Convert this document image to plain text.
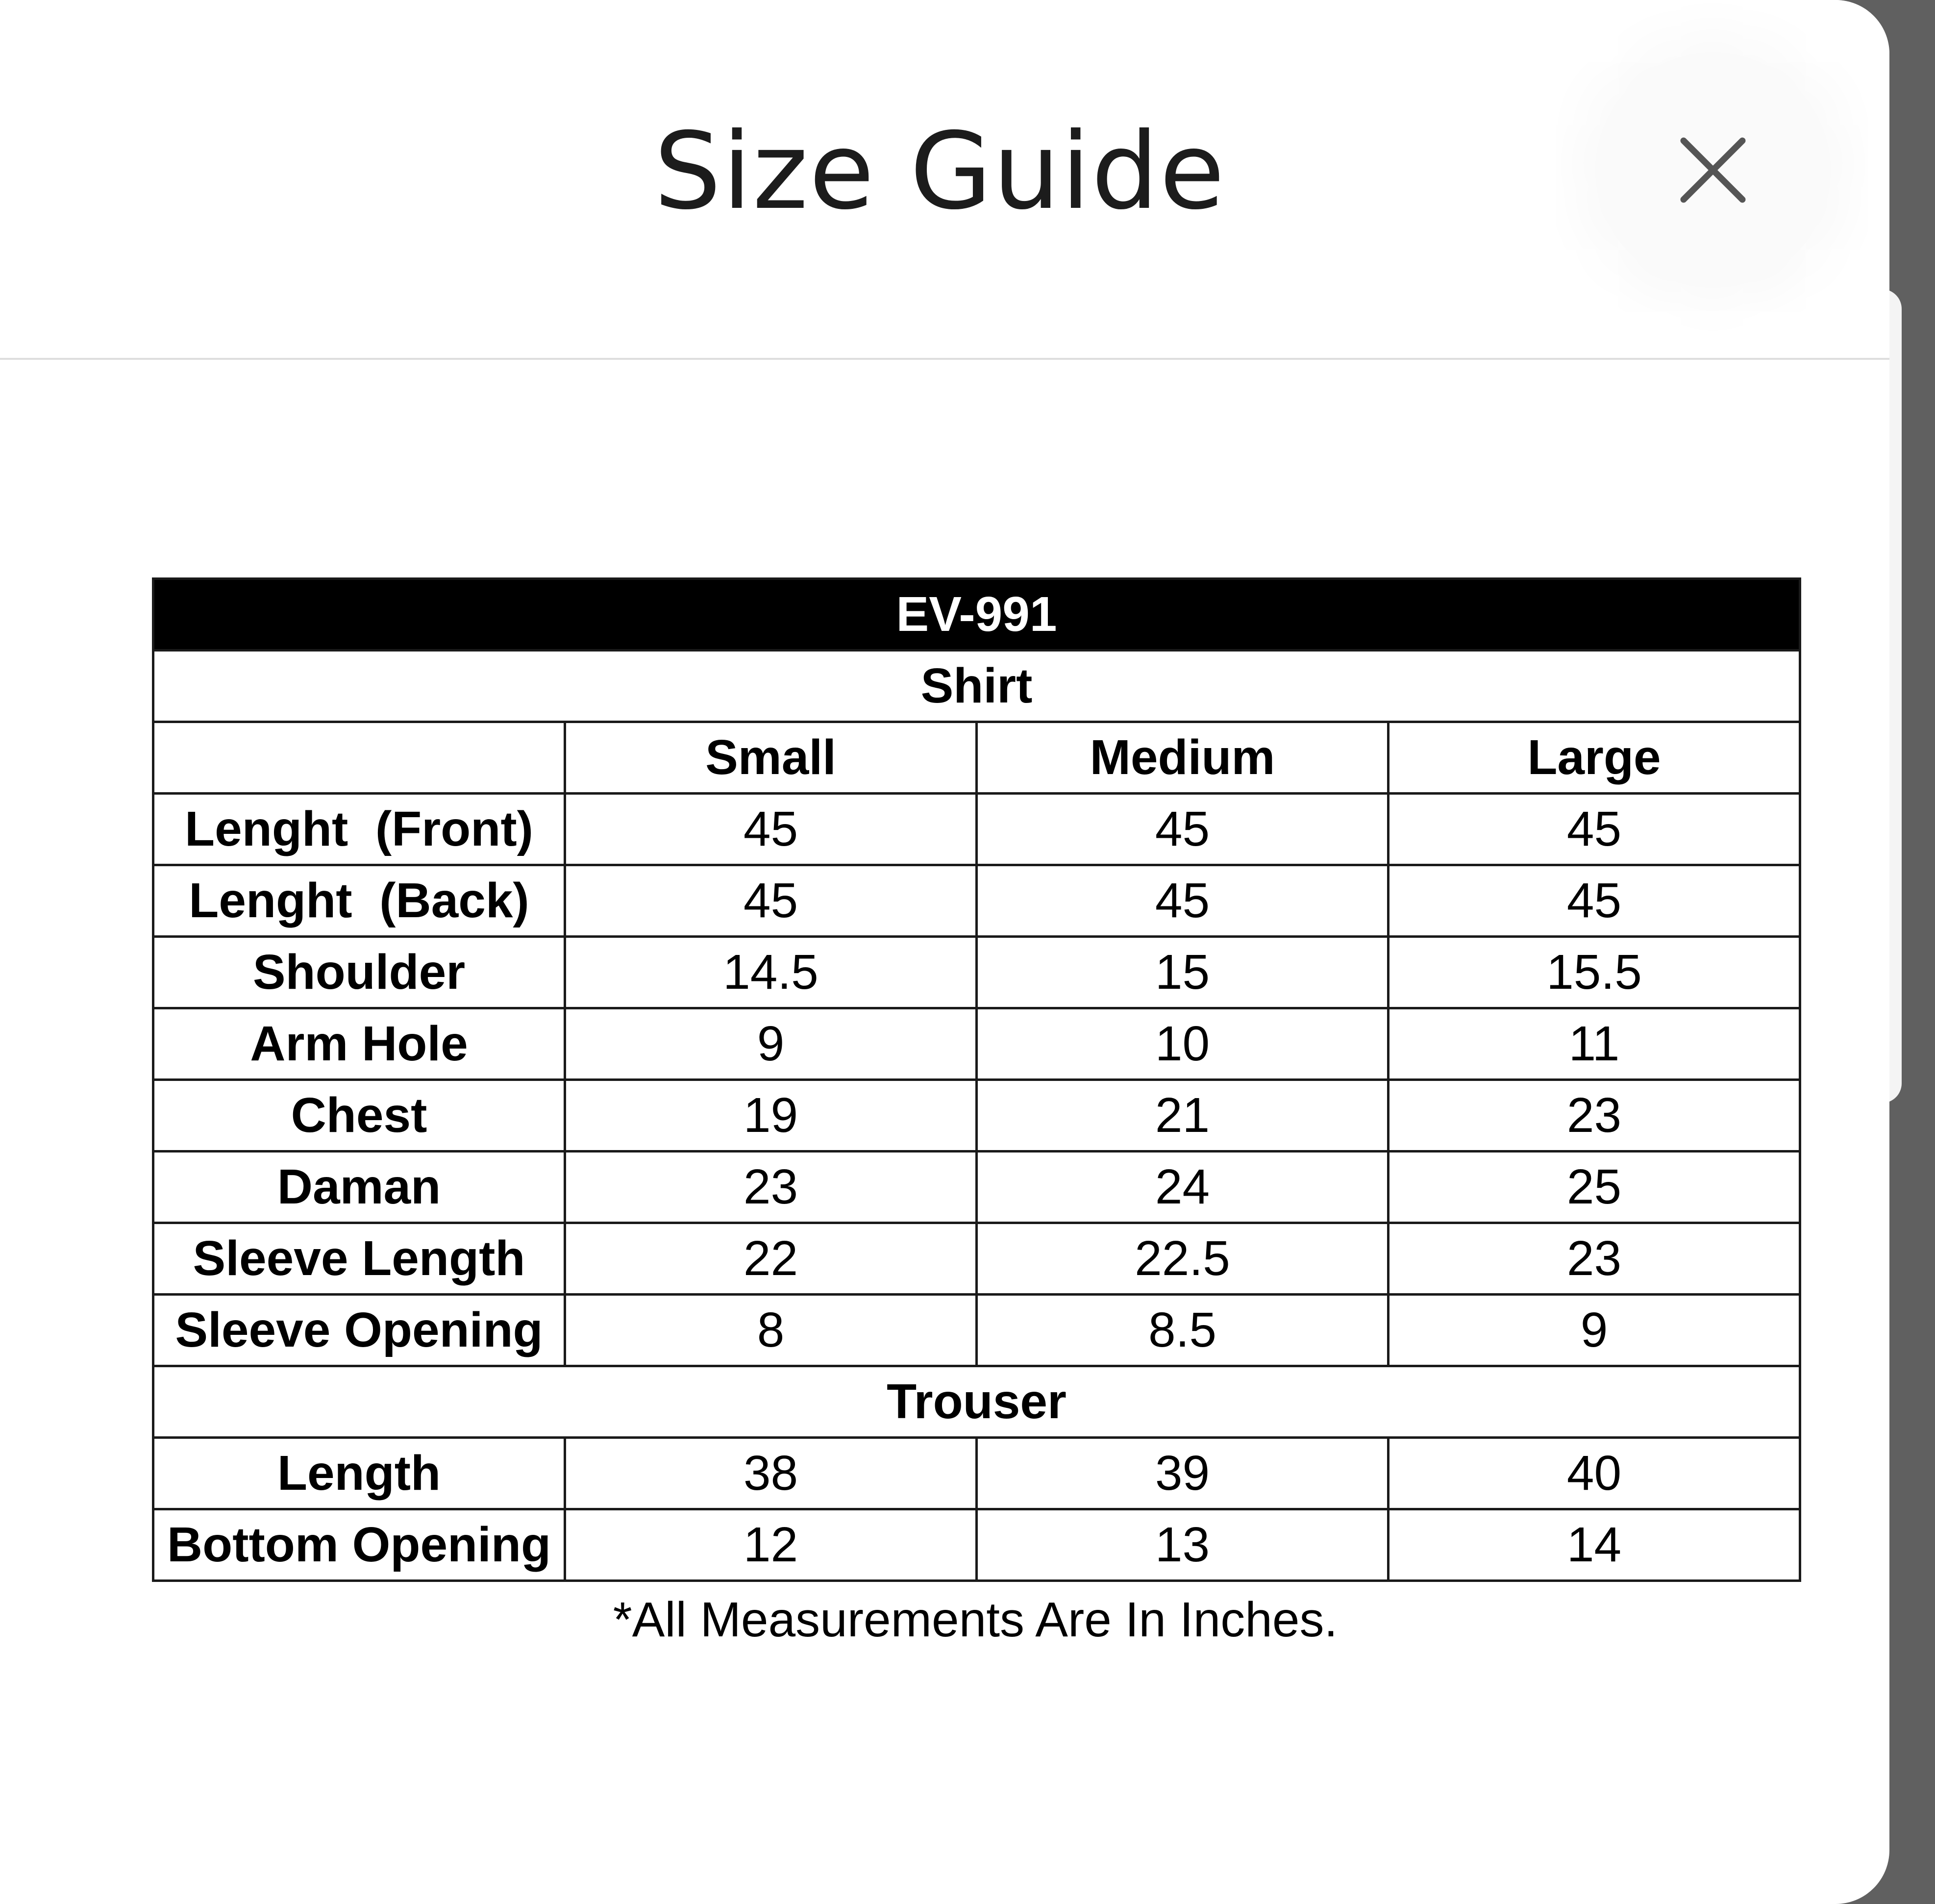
Size Guide
EV-991			
Shirt			
	Small	Medium	Large
Lenght  (Front)	45	45	45
Lenght  (Back)	45	45	45
Shoulder	14.5	15	15.5
Arm Hole	9	10	11
Chest	19	21	23
Daman	23	24	25
Sleeve Length	22	22.5	23
Sleeve Opening	8	8.5	9
Trouser			
Length	38	39	40
Bottom Opening	12	13	14
*All Measurements Are In Inches.
